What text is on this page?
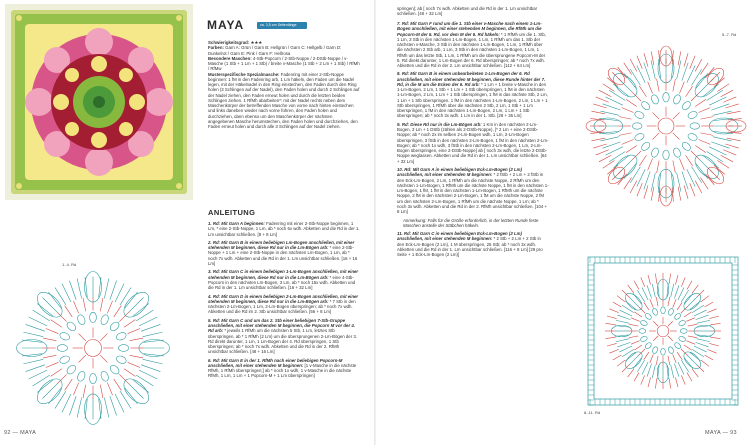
MAYA	ca. 3,5 cm Seitenlänge

Schwierigkeitsgrad: ★★★

Farben: Garn A: Grün / Garn B: Hellgrün / Garn C: Hellgelb / Garn D: Dunkelrot / Garn E: Pink / Garn F: Hellrosa

Besondere Maschen: 4-Stb-Popcorn / 2-Stb-Noppe / 2-DStb-Noppe / v-Masche (1 Stb + 1 Lm + 1 Stb) / breite v-Masche (1 Stb + 2 Lm + 1 Stb) / RfMh / RfMw

Musterspezifische Spezialmasche: Fadenring mit einer 2-Stb-Noppe beginnen: 1 fM in den Fadenring arb, 1 Lm häkeln, den Faden um die Nadel legen, mit der Häkelnadel in den Ring einstechen, den Faden durch den Ring holen (3 Schlingen auf der Nadel), den Faden holen und durch 2 Schlingen auf der Nadel ziehen, den Faden erneut holen und durch die letzten beiden Schlingen ziehen. 1 RfMh abarbeiten*: mit der Nadel rechts neben dem Maschenkörper der betreffenden Masche von vorne nach hinten einstechen und links daneben wieder nach vorne führen, den Faden holen und durchziehen, dann ebenso um den Maschenkörper der nächsten angegebenen Masche herumstechen, den Faden holen und durchziehen, den Faden erneut holen und durch alle 3 Schlingen auf der Nadel ziehen.

ANLEITUNG

1. Rd: Mit Garn A beginnen: Fadenring mit einer 2-Stb-Noppe beginnen, 1 Lm, * eine 2-Stb-Noppe, 1 Lm, ab * noch 6x wdh. Abketten und die Rd in der 1. Lm unsichtbar schließen. [8 + 8 Lm]

2. Rd: Mit Garn B in einem beliebigen Lm-Bogen anschließen, mit einer stehenden M beginnen, diese Rd nur in die Lm-Bögen arb: * eine 2-Stb-Noppe + 1 Lm + eine 2-Stb-Noppe in den nächsten Lm-Bogen, 1 Lm, ab * noch 7x wdh. Abketten und die Rd in der 1. Lm unsichtbar schließen. [16 + 16 Lm]

3. Rd: Mit Garn C in einem beliebigen 1-Lm-Bogen anschließen, mit einer stehenden M beginnen, diese Rd nur in die Lm-Bögen arb: * eine 4-Stb-Popcorn in den nächsten Lm-Bogen, 3 Lm, ab * noch 15x wdh. Abketten und die Rd in der 1. Lm unsichtbar schließen. [16 + 32 Lm]

4. Rd: Mit Garn D in einem beliebigen 2-Lm-Bogen anschließen, mit einer stehenden M beginnen, diese Rd nur in die Lm-Bögen arb: * 7 Stb in den nächsten 2-Lm-Bogen, 1 Lm, 2-Lm-Bogen überspringen; ab * noch 7x wdh. Abketten und die Rd im 2. Stb unsichtbar schließen. [56 + 8 Lm]

5. Rd: Mit Garn C und um das 2. Stb einer beliebigen 7-Stb-Gruppe anschließen, mit einer stehenden M beginnen, die Popcorn M vor der 4. Rd arb: * jeweils 1 RfMh um die nächsten 5 Stb, 1 Lm, letztes Stb überspringen, ab * 1 RfMh (2 Lm) um die übersprungenen 2-Lm-Bögen der 3. Rd direkt darunter, 1 Lm, 1 Lm-Bogen der 4. Rd überspringen, 1 Stb überspringen; ab * noch 7x wdh. Abketten und die Rd in der 2. RfMh unsichtbar schließen. [48 + 16 Lm]

6. Rd: Mit Garn E in der 1. RfMh nach einer beliebigen Popcorn-M anschließen, mit einer stehenden M beginnen: [1 v-Masche in die nächste RfMh, 1 RfMh überspringen;] ab * noch 1x wdh, 1 v-Masche in die nächste RfMh, 1 Lm, 1 Lm + 1 Popcorn-M + 1 Lm überspringen]

1.-4. Rd
springen]; ab [ noch 7x wdh. Abketten und die Rd in der 1. Lm unsichtbar schließen. [48 + 32 Lm]

7. Rd: Mit Garn F rund um die 1. Stb einer v-Masche nach einem 1-Lm-Bogen anschließen, mit einer stehenden M beginnen, die RfMh um die Popcorn-M der 5. Rd, vor dem M der 6. Rd häkeln: * 1 RfMh um die 1. Stb, 1 Lm, 3 Stb in den nächsten 1-Lm-Bogen, 1 Lm, 1 RfMh um das 1. Stb der nächsten v-Masche, 3 Stb in den nächsten 1-Lm-Bogen, 1 Lm, 1 RfMh über die nächsten 2 Stb arb, 1 Lm, 3 Stb in den nächsten 1-Lm-Bogen, 1 Lm, 1 RfMh um das letzte Stb, 1 Lm, 1 RfMh um die übersprungene Popcorn-M der 5. Rd direkt darunter, 1 Lm-Bogen der 6. Rd überspringen; ab * noch 7x wdh. Abketten und die Rd in der 2. Lm unsichtbar schließen. [112 + 64 Lm]

8. Rd: Mit Garn B in einem unbearbeiteten 1-Lm-Bogen der 6. Rd anschließen, mit einer stehenden M beginnen, diese Runde hinter der 7. Rd, in die M um die Ecken der 6. Rd arb: * 1 Lm + 1 breite v-Masche in den 1-Lm-Bogen, 2 Lm, 1 Stb + 1 Lm + 1 Stb überspringen, 1 fM in den nächsten 1-Lm-Bogen, 2 Lm, 1 Lm + 1 Stb überspringen, 1 fM in das nächste Stb, 2 Lm, 1 Lm + 1 Stb überspringen, 1 fM in den nächsten 1-Lm-Bogen, 2 Lm, 1 Lm + 1 Stb überspringen, 1 RfMh über die nächsten 2 Stb, 2 Lm, 1 Stb + 1 Lm überspringen, 1 fM in den nächsten 1-Lm-Bogen, 2 Lm, 1 Lm + 1 Stb überspringen; ab * noch 3x wdh. 1 Lm in der 1. Stb. [28 + 36 Lm]

9. Rd: Diese Rd nur in die Lm-Bögen arb: 1 Km in den nächsten 2-Lm-Bogen, 3 Lm + 1 DStb (zählen als 2-DStb-Noppe), [* 2 Lm + eine 2-DStb-Noppe; ab * noch 2x im selben 2-Lm-Bogen wdh, 1 Lm, 2-Lm-Bogen überspringen, 3 fStb in den nächsten 2-Lm-Bogen, 1 fM in den nächsten 2-Lm-Bogen; ab * noch 1x wdh, 3 fStb in den nächsten 2-Lm-Bogen, 1 Lm, 2-Lm-Bogen überspringen, eine 2-DStb-Noppe] ab [ noch 3x wdh, die letzte 2-DStb-Noppe weglassen. Abketten und die Rd in der 1. Lm unsichtbar schließen. [64 + 32 Lm]

10. Rd: Mit Garn A in einem beliebigen Eck-Lm-Bogen (2 Lm) anschließen, mit einer stehenden M beginnen: * 2 fStb + 2 Lm + 2 fStb in den Eck-Lm-Bogen, 2 Lm, 1 RfMh um die nächste Noppe, 2 RfMh um den nächsten 1-Lm-Bogen, 1 RfMh um die nächste Noppe, 1 fM in den nächsten 1-Lm-Bogen, 1 fM, 1 fM in den nächsten 1-Lm-Bogen, 1 RfMh um die nächste Noppe, 2 fM in den nächsten 2-Lm-Bogen, 1 fM um die nächste Noppe, 2 fM um den nächsten 2-Lm-Bogen, 1 RfMh um die nächste Noppe, 1 Lm; ab * noch 3x wdh. Abketten und die Rd in der 2. RfMh unsichtbar schließen. [104 + 8 Lm]

Anmerkung: Falls für die Größe erforderlich, in der letzten Runde feste Maschen anstelle der Stäbchen häkeln.

11. Rd: Mit Garn C in einem beliebigen Eck-Lm-Bogen (2 Lm) anschließen, mit einer stehenden M beginnen: * 2 Stb + 2 Lm + 2 Stb in den Eck-Lm-Bogen (2 Lm), 1 M überspringen, 25 Stb; ab * noch 3x wdh. Abketten und die Rd in der 1. Lm unsichtbar schließen. [116 + 8 Lm] [29 pro Seite + 1 Eck-Lm-Bogen (2 Lm)]

5.-7. Rd
8.-11. Rd
92 — MAYA	MAYA — 93
